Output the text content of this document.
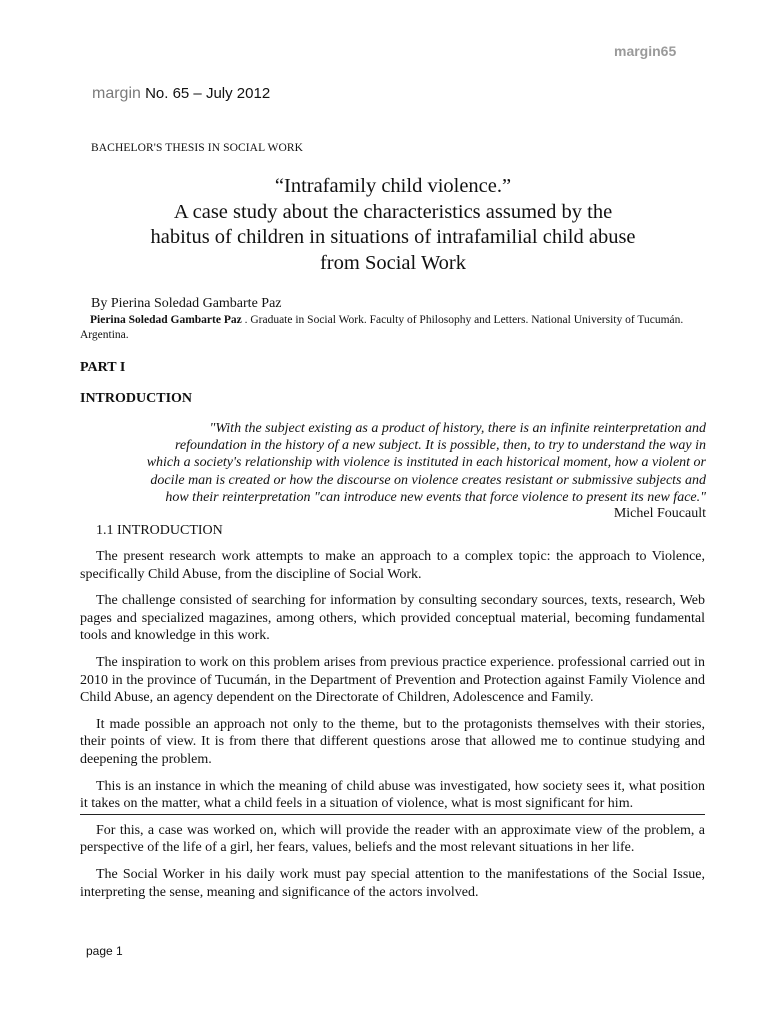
margin65
margin No. 65 – July 2012
BACHELOR'S THESIS IN SOCIAL WORK
“Intrafamily child violence.”
A case study about the characteristics assumed by the
habitus of children in situations of intrafamilial child abuse
from Social Work
By Pierina Soledad Gambarte Paz
Pierina Soledad Gambarte Paz . Graduate in Social Work. Faculty of Philosophy and Letters. National University of Tucumán. Argentina.
PART I
INTRODUCTION
"With the subject existing as a product of history, there is an infinite reinterpretation and
refoundation in the history of a new subject. It is possible, then, to try to understand the way in
which a society's relationship with violence is instituted in each historical moment, how a violent or
docile man is created or how the discourse on violence creates resistant or submissive subjects and
how their reinterpretation "can introduce new events that force violence to present its new face."
Michel Foucault
1.1 INTRODUCTION

The present research work attempts to make an approach to a complex topic: the approach to Violence, specifically Child Abuse, from the discipline of Social Work.

The challenge consisted of searching for information by consulting secondary sources, texts, research, Web pages and specialized magazines, among others, which provided conceptual material, becoming fundamental tools and knowledge in this work.

The inspiration to work on this problem arises from previous practice experience. professional carried out in 2010 in the province of Tucumán, in the Department of Prevention and Protection against Family Violence and Child Abuse, an agency dependent on the Directorate of Children, Adolescence and Family.

It made possible an approach not only to the theme, but to the protagonists themselves with their stories, their points of view. It is from there that different questions arose that allowed me to continue studying and deepening the problem.

This is an instance in which the meaning of child abuse was investigated, how society sees it, what position it takes on the matter, what a child feels in a situation of violence, what is most significant for him.

For this, a case was worked on, which will provide the reader with an approximate view of the problem, a perspective of the life of a girl, her fears, values, beliefs and the most relevant situations in her life.

The Social Worker in his daily work must pay special attention to the manifestations of the Social Issue, interpreting the sense, meaning and significance of the actors involved.

page 1
